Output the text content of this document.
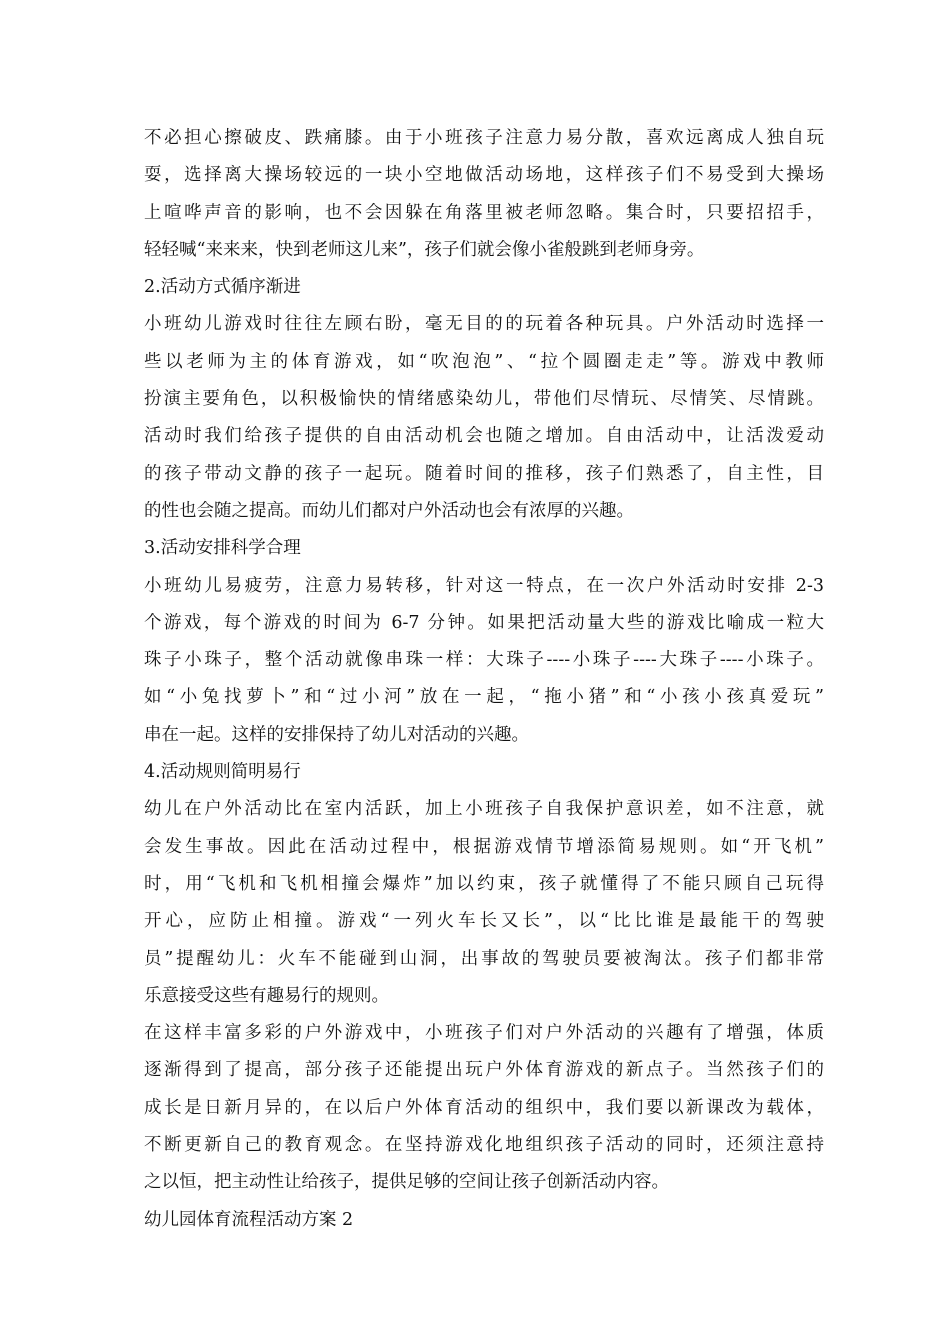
不必担心擦破皮、跌痛膝。由于小班孩子注意力易分散，喜欢远离成人独自玩
耍，选择离大操场较远的一块小空地做活动场地，这样孩子们不易受到大操场
上喧哗声音的影响，也不会因躲在角落里被老师忽略。集合时，只要招招手，
轻轻喊“来来来，快到老师这儿来”，孩子们就会像小雀般跳到老师身旁。
2.活动方式循序渐进
小班幼儿游戏时往往左顾右盼，毫无目的的玩着各种玩具。户外活动时选择一
些以老师为主的体育游戏，如“吹泡泡”、“拉个圆圈走走”等。游戏中教师
扮演主要角色，以积极愉快的情绪感染幼儿，带他们尽情玩、尽情笑、尽情跳。
活动时我们给孩子提供的自由活动机会也随之增加。自由活动中，让活泼爱动
的孩子带动文静的孩子一起玩。随着时间的推移，孩子们熟悉了，自主性，目
的性也会随之提高。而幼儿们都对户外活动也会有浓厚的兴趣。
3.活动安排科学合理
小班幼儿易疲劳，注意力易转移，针对这一特点，在一次户外活动时安排 2-3
个游戏，每个游戏的时间为 6-7 分钟。如果把活动量大些的游戏比喻成一粒大
珠子小珠子，整个活动就像串珠一样：大珠子----小珠子----大珠子----小珠子。
如“小兔找萝卜”和“过小河”放在一起，“拖小猪”和“小孩小孩真爱玩”
串在一起。这样的安排保持了幼儿对活动的兴趣。
4.活动规则简明易行
幼儿在户外活动比在室内活跃，加上小班孩子自我保护意识差，如不注意，就
会发生事故。因此在活动过程中，根据游戏情节增添简易规则。如“开飞机”
时，用“飞机和飞机相撞会爆炸”加以约束，孩子就懂得了不能只顾自己玩得
开心，应防止相撞。游戏“一列火车长又长”，以“比比谁是最能干的驾驶
员”提醒幼儿：火车不能碰到山洞，出事故的驾驶员要被淘汰。孩子们都非常
乐意接受这些有趣易行的规则。
在这样丰富多彩的户外游戏中，小班孩子们对户外活动的兴趣有了增强，体质
逐渐得到了提高，部分孩子还能提出玩户外体育游戏的新点子。当然孩子们的
成长是日新月异的，在以后户外体育活动的组织中，我们要以新课改为载体，
不断更新自己的教育观念。在坚持游戏化地组织孩子活动的同时，还须注意持
之以恒，把主动性让给孩子，提供足够的空间让孩子创新活动内容。
幼儿园体育流程活动方案 2
